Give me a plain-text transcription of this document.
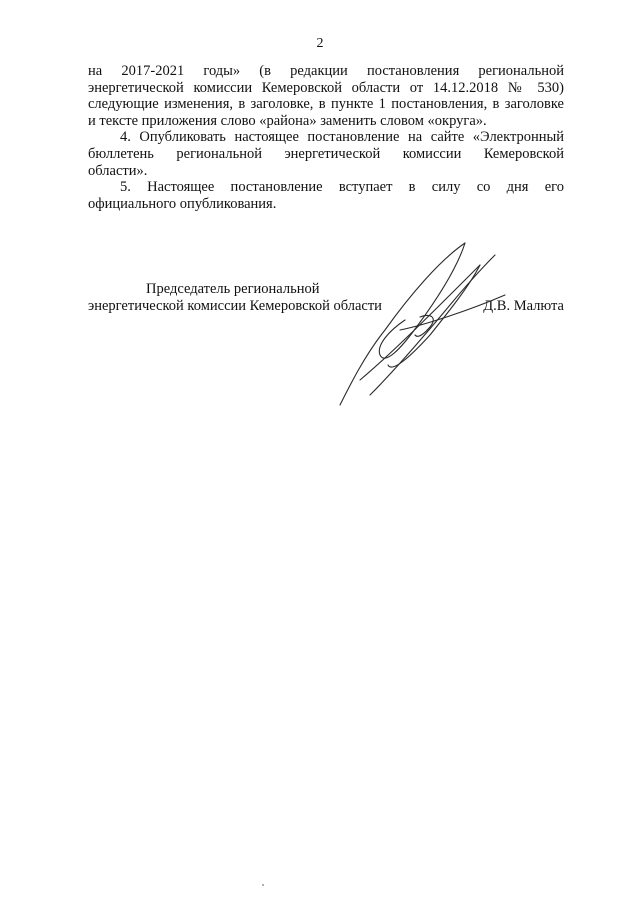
2

на 2017-2021 годы» (в редакции постановления региональной

энергетической комиссии Кемеровской области от 14.12.2018 № 530)

следующие изменения, в заголовке, в пункте 1 постановления, в заголовке

и тексте приложения слово «района» заменить словом «округа».

4. Опубликовать настоящее постановление на сайте «Электронный

бюллетень региональной энергетической комиссии Кемеровской

области».

5. Настоящее постановление вступает в силу со дня его

официального опубликования.

Председатель региональной
энергетической комиссии Кемеровской области	Д.В. Малюта
